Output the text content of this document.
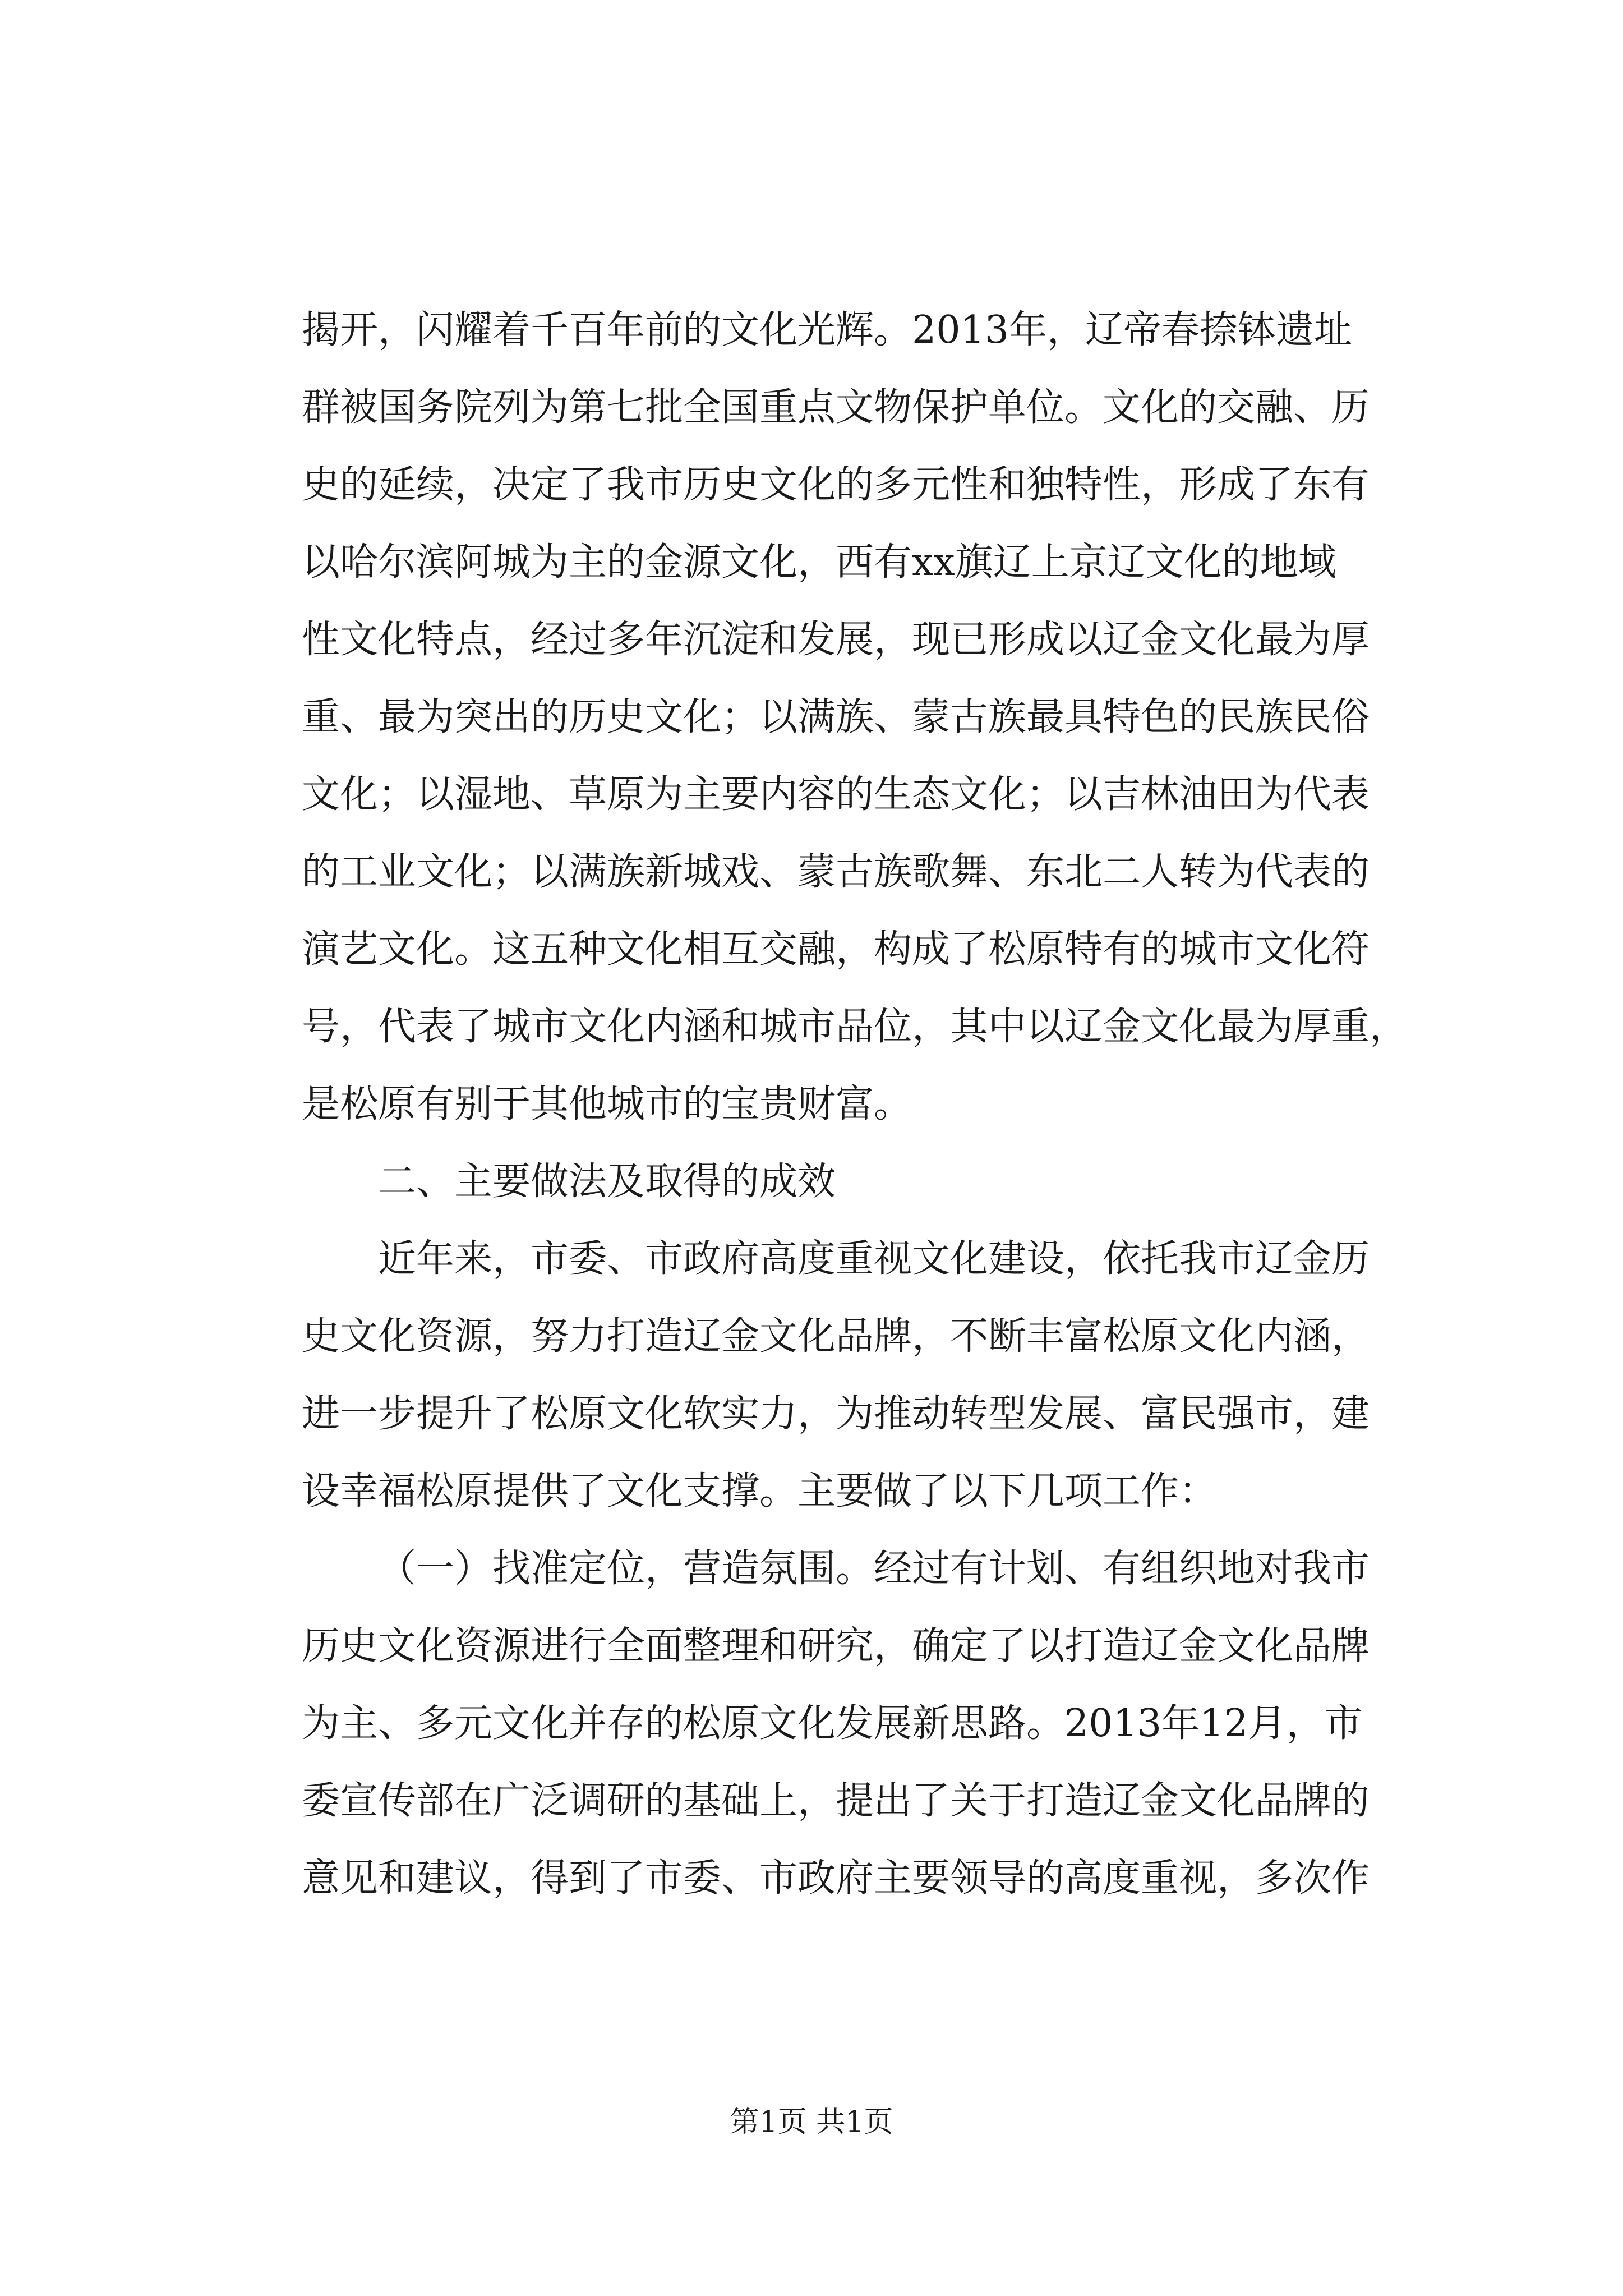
揭开，闪耀着千百年前的文化光辉。2013年，辽帝春捺钵遗址
群被国务院列为第七批全国重点文物保护单位。文化的交融、历
史的延续，决定了我市历史文化的多元性和独特性，形成了东有
以哈尔滨阿城为主的金源文化，西有xx旗辽上京辽文化的地域
性文化特点，经过多年沉淀和发展，现已形成以辽金文化最为厚
重、最为突出的历史文化；以满族、蒙古族最具特色的民族民俗
文化；以湿地、草原为主要内容的生态文化；以吉林油田为代表
的工业文化；以满族新城戏、蒙古族歌舞、东北二人转为代表的
演艺文化。这五种文化相互交融，构成了松原特有的城市文化符
号，代表了城市文化内涵和城市品位，其中以辽金文化最为厚重，
是松原有别于其他城市的宝贵财富。
二、主要做法及取得的成效
近年来，市委、市政府高度重视文化建设，依托我市辽金历
史文化资源，努力打造辽金文化品牌，不断丰富松原文化内涵，
进一步提升了松原文化软实力，为推动转型发展、富民强市，建
设幸福松原提供了文化支撑。主要做了以下几项工作：
（一）找准定位，营造氛围。经过有计划、有组织地对我市
历史文化资源进行全面整理和研究，确定了以打造辽金文化品牌
为主、多元文化并存的松原文化发展新思路。2013年12月，市
委宣传部在广泛调研的基础上，提出了关于打造辽金文化品牌的
意见和建议，得到了市委、市政府主要领导的高度重视，多次作
第1页 共1页
